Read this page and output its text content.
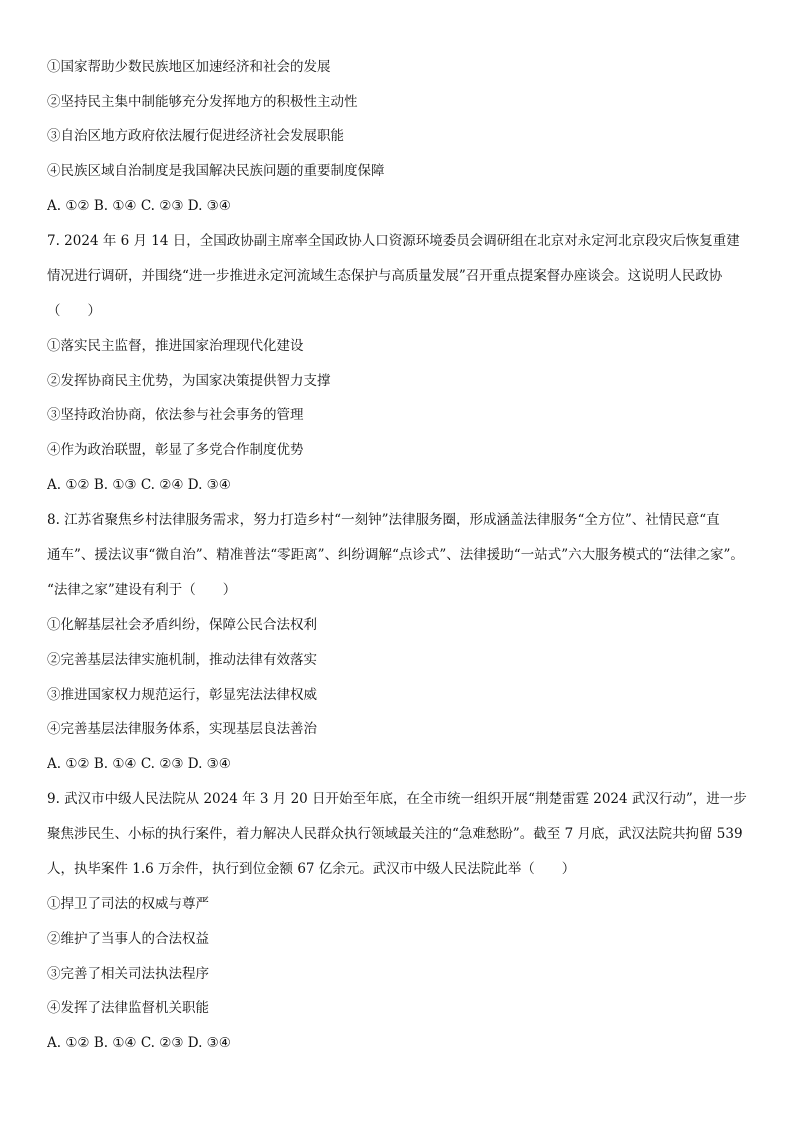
①国家帮助少数民族地区加速经济和社会的发展
②坚持民主集中制能够充分发挥地方的积极性主动性
③自治区地方政府依法履行促进经济社会发展职能
④民族区域自治制度是我国解决民族问题的重要制度保障
A. ①② B. ①④ C. ②③ D. ③④
7. 2024 年 6 月 14 日，全国政协副主席率全国政协人口资源环境委员会调研组在北京对永定河北京段灾后恢复重建
情况进行调研，并围绕“进一步推进永定河流域生态保护与高质量发展”召开重点提案督办座谈会。这说明人民政协
（　　）
①落实民主监督，推进国家治理现代化建设
②发挥协商民主优势，为国家决策提供智力支撑
③坚持政治协商，依法参与社会事务的管理
④作为政治联盟，彰显了多党合作制度优势
A. ①② B. ①③ C. ②④ D. ③④
8. 江苏省聚焦乡村法律服务需求，努力打造乡村“一刻钟”法律服务圈，形成涵盖法律服务“全方位”、社情民意“直
通车”、援法议事“微自治”、精准普法“零距离”、纠纷调解“点诊式”、法律援助“一站式”六大服务模式的“法律之家”。
“法律之家”建设有利于（　　）
①化解基层社会矛盾纠纷，保障公民合法权利
②完善基层法律实施机制，推动法律有效落实
③推进国家权力规范运行，彰显宪法法律权威
④完善基层法律服务体系，实现基层良法善治
A. ①② B. ①④ C. ②③ D. ③④
9. 武汉市中级人民法院从 2024 年 3 月 20 日开始至年底，在全市统一组织开展“荆楚雷霆 2024 武汉行动”，进一步
聚焦涉民生、小标的执行案件，着力解决人民群众执行领域最关注的“急难愁盼”。截至 7 月底，武汉法院共拘留 539
人，执毕案件 1.6 万余件，执行到位金额 67 亿余元。武汉市中级人民法院此举（　　）
①捍卫了司法的权威与尊严
②维护了当事人的合法权益
③完善了相关司法执法程序
④发挥了法律监督机关职能
A. ①② B. ①④ C. ②③ D. ③④
